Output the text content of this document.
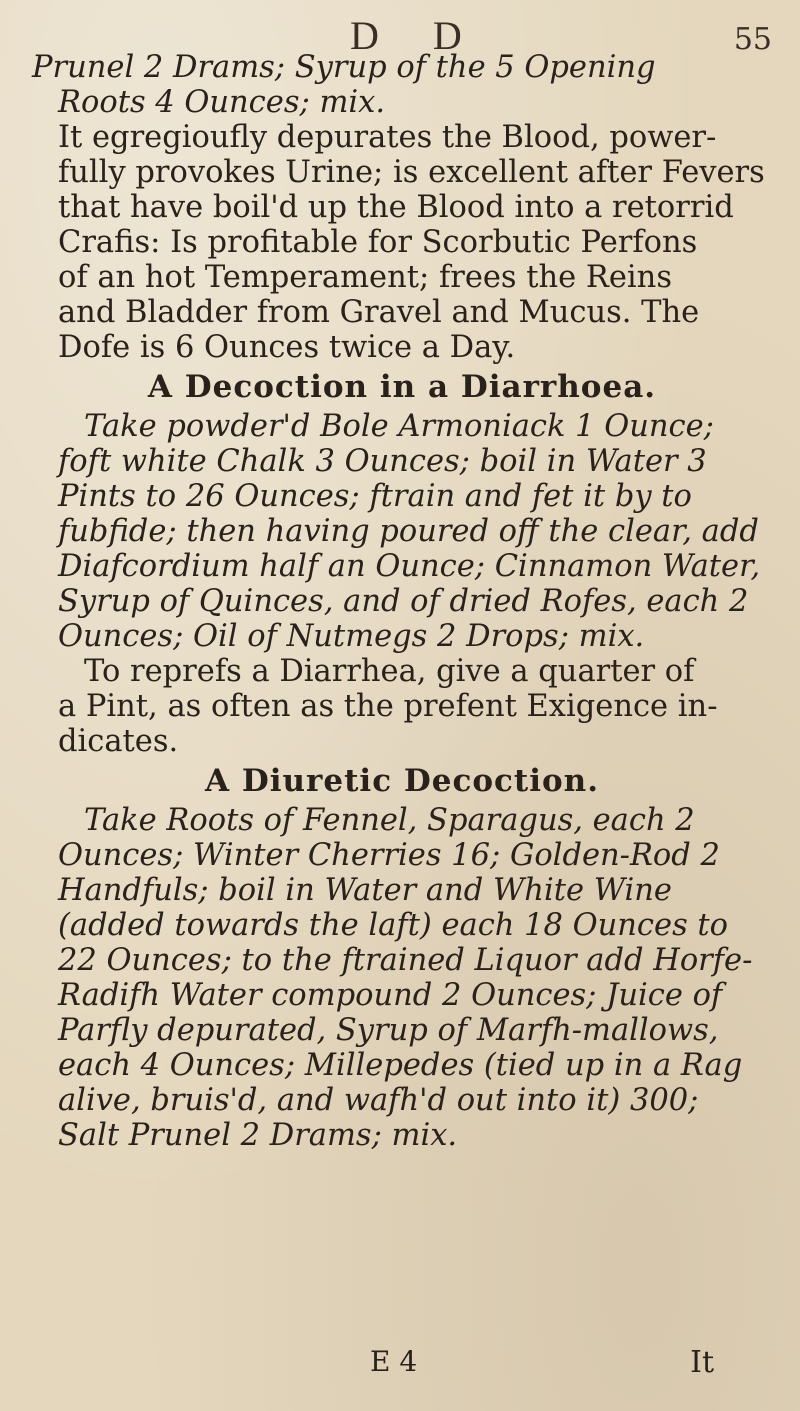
D D	55

Prunel 2 Drams; Syrup of the 5 Opening

Roots 4 Ounces; mix.

It egregioufly depurates the Blood, power-

fully provokes Urine; is excellent after Fevers

that have boil'd up the Blood into a retorrid

Crafis: Is profitable for Scorbutic Perfons

of an hot Temperament; frees the Reins

and Bladder from Gravel and Mucus. The

Dofe is 6 Ounces twice a Day.

A Decoction in a Diarrhoea.

Take powder'd Bole Armoniack 1 Ounce;

foft white Chalk 3 Ounces; boil in Water 3

Pints to 26 Ounces; ftrain and fet it by to

fubfide; then having poured off the clear, add

Diafcordium half an Ounce; Cinnamon Water,

Syrup of Quinces, and of dried Rofes, each 2

Ounces; Oil of Nutmegs 2 Drops; mix.

To reprefs a Diarrhea, give a quarter of

a Pint, as often as the prefent Exigence in-

dicates.

A Diuretic Decoction.

Take Roots of Fennel, Sparagus, each 2

Ounces; Winter Cherries 16; Golden-Rod 2

Handfuls; boil in Water and White Wine

(added towards the laft) each 18 Ounces to

22 Ounces; to the ftrained Liquor add Horfe-

Radifh Water compound 2 Ounces; Juice of

Parfly depurated, Syrup of Marfh-mallows,

each 4 Ounces; Millepedes (tied up in a Rag

alive, bruis'd, and wafh'd out into it) 300;

Salt Prunel 2 Drams; mix.

E 4	It
